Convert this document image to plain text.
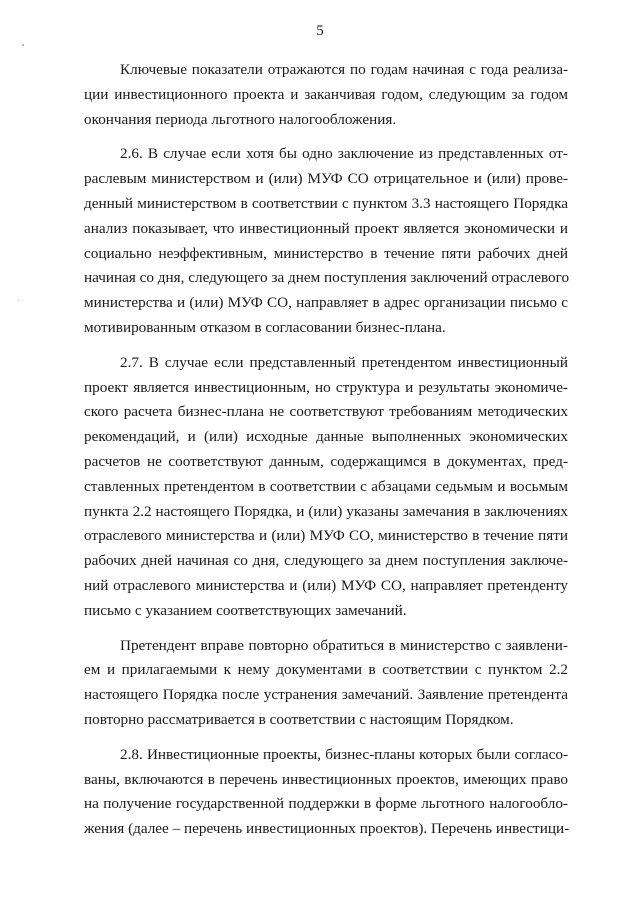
5

Ключевые показатели отражаются по годам начиная с года реализа-
ции инвестиционного проекта и заканчивая годом, следующим за годом
окончания периода льготного налогообложения.

2.6. В случае если хотя бы одно заключение из представленных от-
раслевым министерством и (или) МУФ СО отрицательное и (или) прове-
денный министерством в соответствии с пунктом 3.3 настоящего Порядка
анализ показывает, что инвестиционный проект является экономически и
социально неэффективным, министерство в течение пяти рабочих дней
начиная со дня, следующего за днем поступления заключений отраслевого
министерства и (или) МУФ СО, направляет в адрес организации письмо с
мотивированным отказом в согласовании бизнес-плана.

2.7. В случае если представленный претендентом инвестиционный
проект является инвестиционным, но структура и результаты экономиче-
ского расчета бизнес-плана не соответствуют требованиям методических
рекомендаций, и (или) исходные данные выполненных экономических
расчетов не соответствуют данным, содержащимся в документах, пред-
ставленных претендентом в соответствии с абзацами седьмым и восьмым
пункта 2.2 настоящего Порядка, и (или) указаны замечания в заключениях
отраслевого министерства и (или) МУФ СО, министерство в течение пяти
рабочих дней начиная со дня, следующего за днем поступления заключе-
ний отраслевого министерства и (или) МУФ СО, направляет претенденту
письмо с указанием соответствующих замечаний.

Претендент вправе повторно обратиться в министерство с заявлени-
ем и прилагаемыми к нему документами в соответствии с пунктом 2.2
настоящего Порядка после устранения замечаний. Заявление претендента
повторно рассматривается в соответствии с настоящим Порядком.

2.8. Инвестиционные проекты, бизнес-планы которых были согласо-
ваны, включаются в перечень инвестиционных проектов, имеющих право
на получение государственной поддержки в форме льготного налогообло-
жения (далее – перечень инвестиционных проектов). Перечень инвестици-
